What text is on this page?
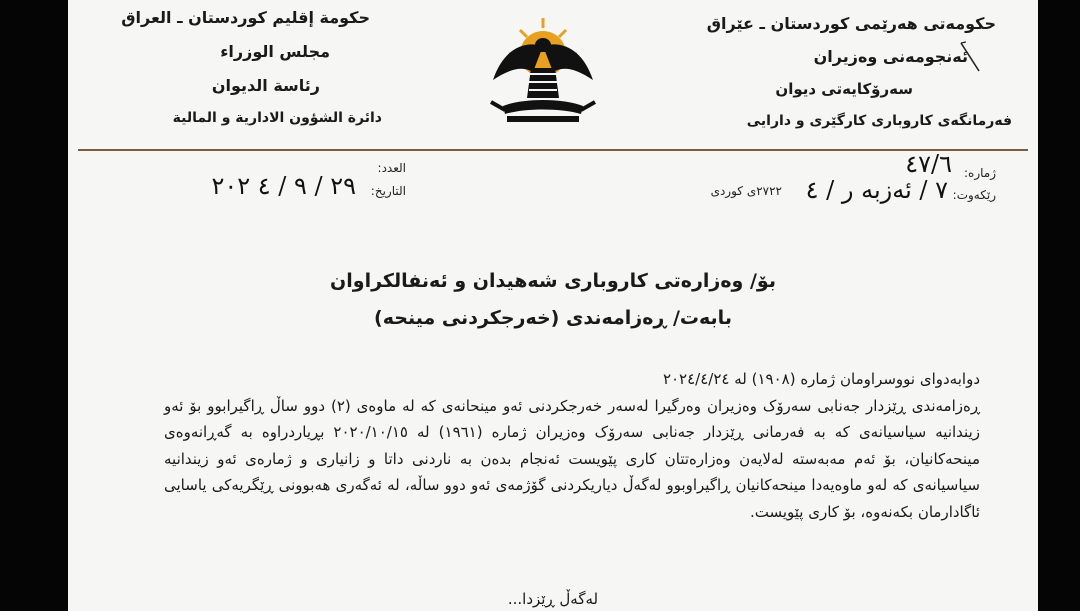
حکومەتی هەرێمی کوردستان ـ عێراق
ئەنجومەنی وەزیران
سەرۆکایەتی دیوان
فەرمانگەی کاروباری کارگێری و دارایی
حكومة إقليم كوردستان ـ العراق
مجلس الوزراء
رئاسة الديوان
دائرة الشؤون الادارية و المالية
ژمارە:
٤٧/٦
رێکەوت:
٧ / ئەزبە ر / ٤
٢٧٢٢ی کوردی
العدد:
التاريخ:
٢٩ / ٩ / ٤ ٢٠٢
بۆ/ وەزارەتی کاروباری شەهیدان و ئەنفالکراوان
بابەت/ ڕەزامەندی (خەرجکردنی مینحە)

دوابەدوای نووسراومان ژمارە (١٩٠٨) لە ٢٠٢٤/٤/٢٤

ڕەزامەندی ڕێزدار جەنابی سەرۆک وەزیران وەرگیرا لەسەر خەرجکردنی ئەو مینحانەی کە لە ماوەی (٢) دوو ساڵ ڕاگیرابوو بۆ ئەو زیندانیە سیاسیانەی کە بە فەرمانی ڕێزدار جەنابی سەرۆک وەزیران ژمارە (١٩٦١) لە ٢٠٢٠/١٠/١٥ بڕیاردراوە بە گەڕانەوەی مینحەکانیان، بۆ ئەم مەبەستە لەلایەن وەزارەتتان کاری پێویست ئەنجام بدەن بە ناردنی داتا و زانیاری و ژمارەی ئەو زیندانیە سیاسیانەی کە لەو ماوەیەدا مینحەکانیان ڕاگیراوبوو لەگەڵ دیاریکردنی گۆژمەی ئەو دوو ساڵە، لە ئەگەری هەبوونی ڕێگریەکی یاسایی ئاگادارمان بکەنەوە، بۆ کاری پێویست.

لەگەڵ ڕێزدا...
